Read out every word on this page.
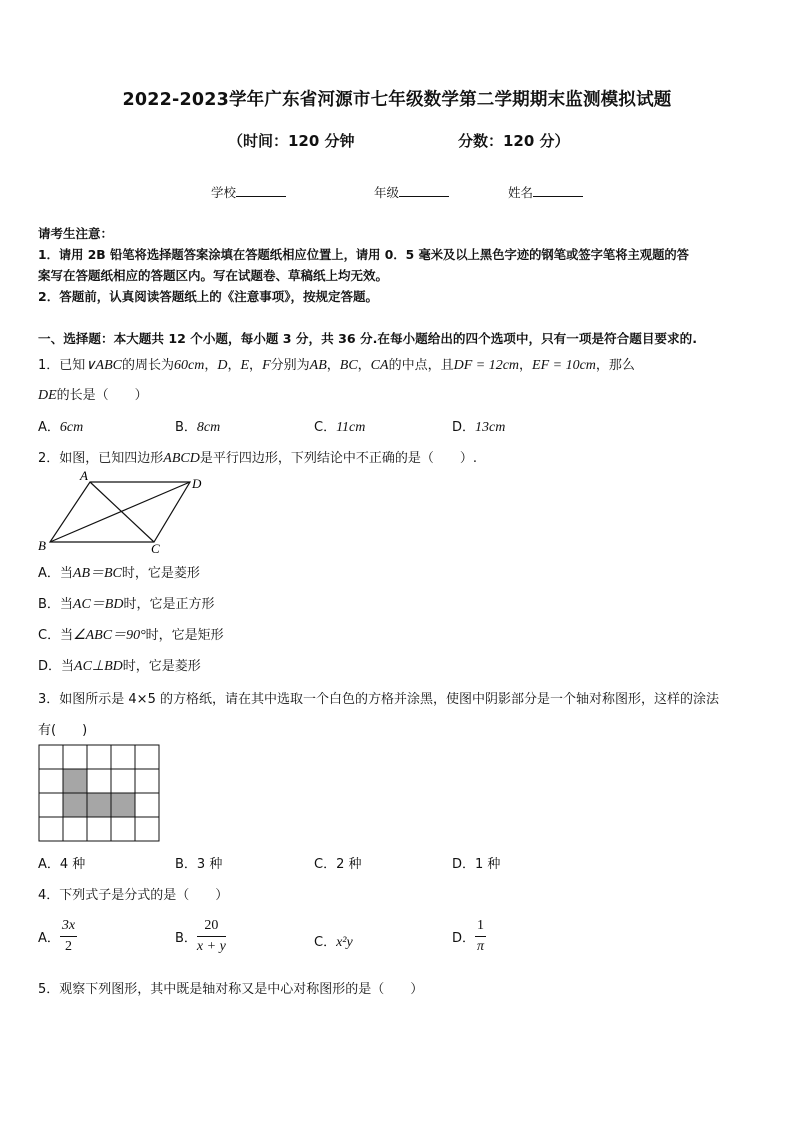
2022-2023学年广东省河源市七年级数学第二学期期末监测模拟试题
（时间：120 分钟	分数：120 分）
学校	年级	姓名
请考生注意：
1．请用 2B 铅笔将选择题答案涂填在答题纸相应位置上，请用 0．5 毫米及以上黑色字迹的钢笔或签字笔将主观题的答
案写在答题纸相应的答题区内。写在试题卷、草稿纸上均无效。
2．答题前，认真阅读答题纸上的《注意事项》，按规定答题。
一、选择题：本大题共 12 个小题，每小题 3 分，共 36 分.在每小题给出的四个选项中，只有一项是符合题目要求的.
1．已知∨ABC的周长为60cm，D，E，F分别为AB，BC，CA的中点，且DF = 12cm，EF = 10cm，那么
DE的长是（　　）
A．6cm	B．8cm	C．11cm	D．13cm
2．如图，已知四边形ABCD是平行四边形，下列结论中不正确的是（　　）.
A
D
B	C
A．当AB＝BC时，它是菱形
B．当AC＝BD时，它是正方形
C．当∠ABC＝90°时，它是矩形
D．当AC⊥BD时，它是菱形
3．如图所示是 4×5 的方格纸，请在其中选取一个白色的方格并涂黑，使图中阴影部分是一个轴对称图形，这样的涂法
有(　　)
A．4 种	B．3 种	C．2 种	D．1 种
4．下列式子是分式的是（　　）
A． $\frac{3x}{2}$	B． $\frac{20}{x + y}$	C．x²y	D． $\frac{1}{\pi}$
5．观察下列图形，其中既是轴对称又是中心对称图形的是（　　）
